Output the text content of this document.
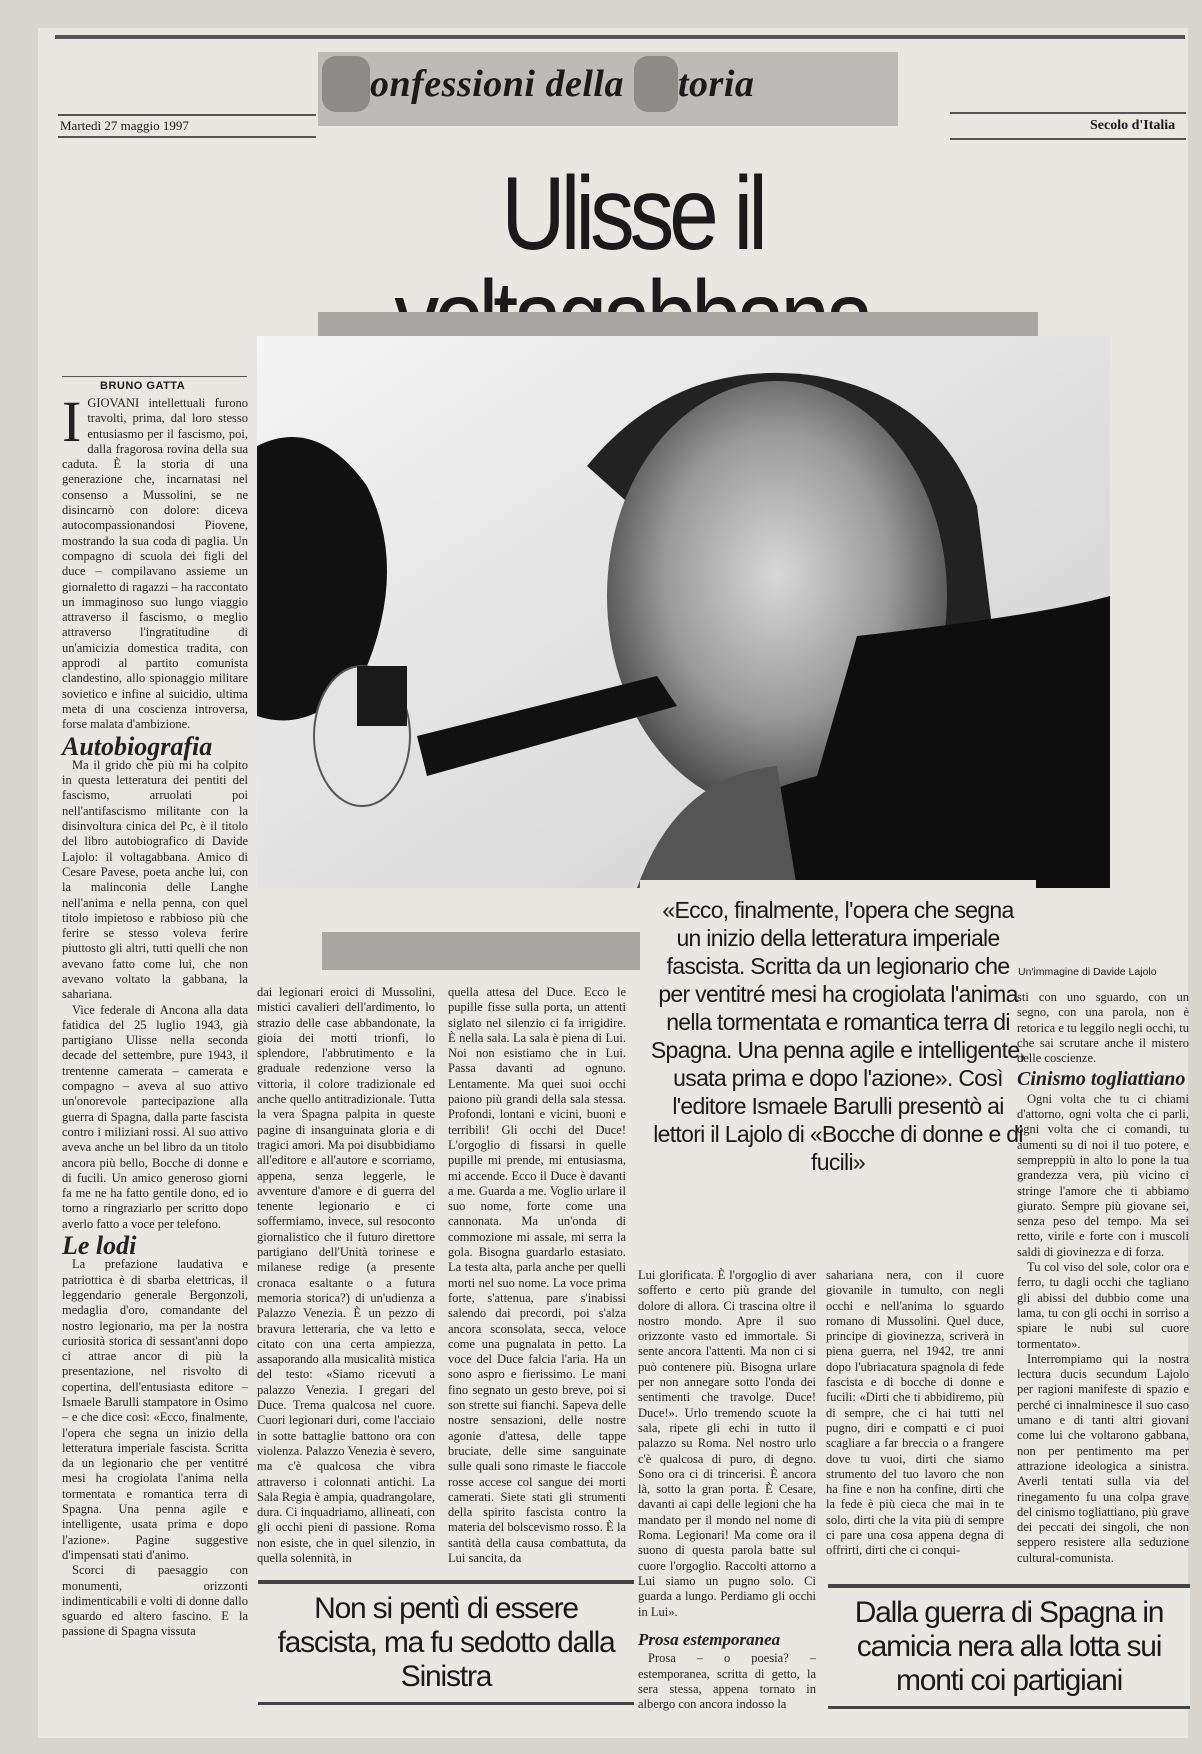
C onfessioni della S toria
Martedì 27 maggio 1997	Secolo d'Italia
Ulisse il
BRUNO GATTA
I GIOVANI intellettuali furono travolti, prima, dal loro stesso entusiasmo per il fascismo, poi, dalla fragorosa rovina della sua caduta. È la storia di una generazione che, incarnatasi nel consenso a Mussolini, se ne disincarnò con dolore: diceva autocompassionandosi Piovene, mostrando la sua coda di paglia. Un compagno di scuola dei figli del duce – compilavano assieme un giornaletto di ragazzi – ha raccontato un immaginoso suo lungo viaggio attraverso il fascismo, o meglio attraverso l'ingratitudine di un'amicizia domestica tradita, con approdi al partito comunista clandestino, allo spionaggio militare sovietico e infine al suicidio, ultima meta di una coscienza introversa, forse malata d'ambizione.
Autobiografia

Ma il grido che più mi ha colpito in questa letteratura dei pentiti del fascismo, arruolati poi nell'antifascismo militante con la disinvoltura cinica del Pc, è il titolo del libro autobiografico di Davide Lajolo: il voltagabbana. Amico di Cesare Pavese, poeta anche lui, con la malinconia delle Langhe nell'anima e nella penna, con quel titolo impietoso e rabbioso più che ferire se stesso voleva ferire piuttosto gli altri, tutti quelli che non avevano fatto come lui, che non avevano voltato la gabbana, la sahariana.

Vice federale di Ancona alla data fatidica del 25 luglio 1943, già partigiano Ulisse nella seconda decade del settembre, pure 1943, il trentenne camerata – camerata e compagno – aveva al suo attivo un'onorevole partecipazione alla guerra di Spagna, dalla parte fascista contro i miliziani rossi. Al suo attivo aveva anche un bel libro da un titolo ancora più bello, Bocche di donne e di fucili. Un amico generoso giorni fa me ne ha fatto gentile dono, ed io torno a ringraziarlo per scritto dopo averlo fatto a voce per telefono.

Le lodi

La prefazione laudativa e patriottica è di sbarba elettricas, il leggendario generale Bergonzoli, medaglia d'oro, comandante del nostro legionario, ma per la nostra curiosità storica di sessant'anni dopo ci attrae ancor di più la presentazione, nel risvolto di copertina, dell'entusiasta editore – Ismaele Barulli stampatore in Osimo – e che dice così: «Ecco, finalmente, l'opera che segna un inizio della letteratura imperiale fascista. Scritta da un legionario che per ventitré mesi ha crogiolata l'anima nella tormentata e romantica terra di Spagna. Una penna agile e intelligente, usata prima e dopo l'azione». Pagine suggestive d'impensati stati d'animo.

Scorci di paesaggio con monumenti, orizzonti indimenticabili e volti di donne dallo sguardo ed altero fascino. E la passione di Spagna vissuta

dai legionari eroici di Mussolini, mistici cavalieri dell'ardimento, lo strazio delle case abbandonate, la gioia dei motti trionfi, lo splendore, l'abbrutimento e la graduale redenzione verso la vittoria, il colore tradizionale ed anche quello antitradizionale. Tutta la vera Spagna palpita in queste pagine di insanguinata gloria e di tragici amori. Ma poi disubbidiamo all'editore e all'autore e scorriamo, appena, senza leggerle, le avventure d'amore e di guerra del tenente legionario e ci soffermiamo, invece, sul resoconto giornalistico che il futuro direttore partigiano dell'Unità torinese e milanese redige (a presente cronaca esaltante o a futura memoria storica?) di un'udienza a Palazzo Venezia. È un pezzo di bravura letteraria, che va letto e citato con una certa ampiezza, assaporando alla musicalità mistica del testo: «Siamo ricevuti a palazzo Venezia. I gregari del Duce. Trema qualcosa nel cuore. Cuori legionari duri, come l'acciaio in sotte battaglie battono ora con violenza. Palazzo Venezia è severo, ma c'è qualcosa che vibra attraverso i colonnati antichi. La Sala Regia è ampia, quadrangolare, dura. Ci inquadriamo, allineati, con gli occhi pieni di passione. Roma non esiste, che in quel silenzio, in quella solennità, in

quella attesa del Duce. Ecco le pupille fisse sulla porta, un attenti siglato nel silenzio ci fa irrigidire. È nella sala. La sala è piena di Lui. Noi non esistiamo che in Lui. Passa davanti ad ognuno. Lentamente. Ma quei suoi occhi paiono più grandi della sala stessa. Profondi, lontani e vicini, buoni e terribili! Gli occhi del Duce! L'orgoglio di fissarsi in quelle pupille mi prende, mi entusiasma, mi accende. Ecco il Duce è davanti a me. Guarda a me. Voglio urlare il suo nome, forte come una cannonata. Ma un'onda di commozione mi assale, mi serra la gola. Bisogna guardarlo estasiato. La testa alta, parla anche per quelli morti nel suo nome. La voce prima forte, s'attenua, pare s'inabissi salendo dai precordi, poi s'alza ancora sconsolata, secca, veloce come una pugnalata in petto. La voce del Duce falcia l'aria. Ha un sono aspro e fierissimo. Le mani fino segnato un gesto breve, poi si son strette sui fianchi. Sapeva delle nostre sensazioni, delle nostre agonie d'attesa, delle tappe bruciate, delle sime sanguinate sulle quali sono rimaste le fiaccole rosse accese col sangue dei morti camerati. Siete stati gli strumenti della spirito fascista contro la materia del bolscevismo rosso. È la santità della causa combattuta, da Lui sancita, da

«Ecco, finalmente, l'opera che segna un inizio della letteratura imperiale fascista. Scritta da un legionario che per ventitré mesi ha crogiolata l'anima nella tormentata e romantica terra di Spagna. Una penna agile e intelligente, usata prima e dopo l'azione». Così l'editore Ismaele Barulli presentò ai lettori il Lajolo di «Bocche di donne e di fucili»

Lui glorificata. È l'orgoglio di aver sofferto e certo più grande del dolore di allora. Ci trascina oltre il nostro mondo. Apre il suo orizzonte vasto ed immortale. Si sente ancora l'attenti. Ma non ci si può contenere più. Bisogna urlare per non annegare sotto l'onda dei sentimenti che travolge. Duce! Duce!». Urlo tremendo scuote la sala, ripete gli echi in tutto il palazzo su Roma. Nel nostro urlo c'è qualcosa di puro, di degno. Sono ora ci di trincerisi. È ancora là, sotto la gran porta. È Cesare, davanti ai capi delle legioni che ha mandato per il mondo nel nome di Roma. Legionari! Ma come ora il suono di questa parola batte sul cuore l'orgoglio. Raccolti attorno a Lui siamo un pugno solo. Ci guarda a lungo. Perdiamo gli occhi in Lui».

sahariana nera, con il cuore giovanile in tumulto, con negli occhi e nell'anima lo sguardo romano di Mussolini. Quel duce, principe di giovinezza, scriverà in piena guerra, nel 1942, tre anni dopo l'ubriacatura spagnola di fede fascista e di bocche di donne e fucili: «Dirti che ti abbidiremo, più di sempre, che ci hai tutti nel pugno, diri e compatti e ci puoi scagliare a far breccia o a frangere dove tu vuoi, dirti che siamo strumento del tuo lavoro che non ha fine e non ha confine, dirti che la fede è più cieca che mai in te solo, dirti che la vita più di sempre ci pare una cosa appena degna di offrirti, dirti che ci conqui-

Un'immagine di Davide Lajolo

sti con uno sguardo, con un segno, con una parola, non è retorica e tu leggilo negli occhi, tu che sai scrutare anche il mistero delle coscienze.

Cinismo togliattiano

Ogni volta che tu ci chiami d'attorno, ogni volta che ci parli, ogni volta che ci comandi, tu aumenti su di noi il tuo potere, e sempreppiù in alto lo pone la tua grandezza vera, più vicino ci stringe l'amore che ti abbiamo giurato. Sempre più giovane sei, senza peso del tempo. Ma sei retto, virile e forte con i muscoli saldi di giovinezza e di forza.

Tu col viso del sole, color ora e ferro, tu dagli occhi che tagliano gli abissi del dubbio come una lama, tu con gli occhi in sorriso a spiare le nubi sul cuore tormentato».

Interrompiamo qui la nostra lectura ducis secundum Lajolo per ragioni manifeste di spazio e perché ci innalminesce il suo caso umano e di tanti altri giovani come lui che voltarono gabbana, non per pentimento ma per attrazione ideologica a sinistra. Averli tentati sulla via del rinegamento fu una colpa grave del cinismo togliattiano, più grave dei peccati dei singoli, che non seppero resistere alla seduzione cultural-comunista.

Non si pentì di essere fascista, ma fu sedotto dalla Sinistra
Dalla guerra di Spagna in camicia nera alla lotta sui monti coi partigiani
Prosa estemporanea

Prosa – o poesia? – estemporanea, scritta di getto, la sera stessa, appena tornato in albergo con ancora indosso la
